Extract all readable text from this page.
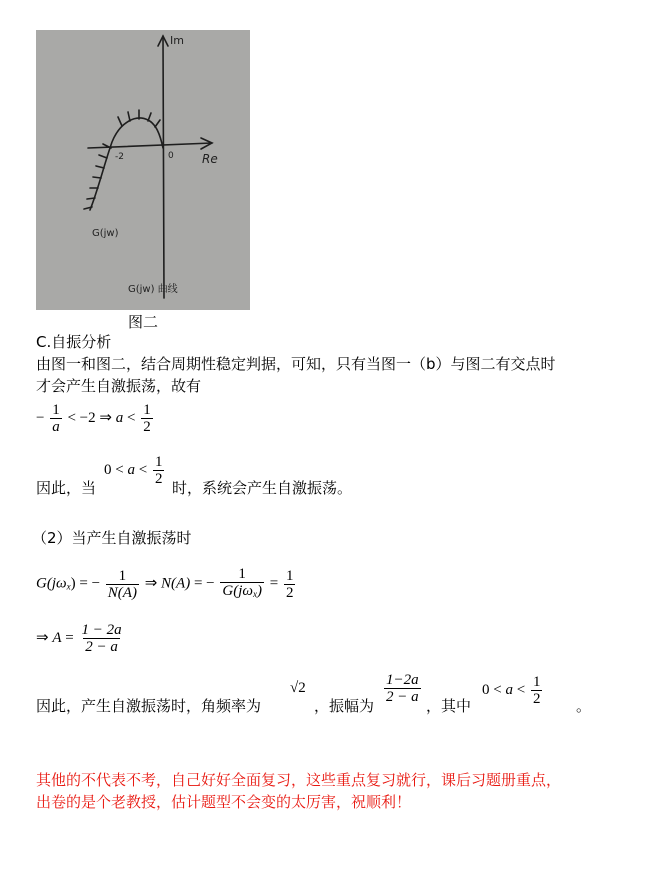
Im
Re
-2	0
G(jw)
G(jw) 曲线
图二
C.自振分析
由图一和图二，结合周期性稳定判据，可知，只有当图一（b）与图二有交点时
才会产生自激振荡，故有
− $\frac{1}{a} < -2$ ⇒ $a < \frac{1}{2}$
因此，当
$0 < a < \frac{1}{2}$
时，系统会产生自激振荡。
（2）当产生自激振荡时
$G(j\omega_x)$ = − $\frac{1}{N(A)}$ ⇒ N(A) = − $\frac{1}{G(j\omega_x)} = \frac{1}{2}$
⇒ $A = \frac{1 - 2a}{2 - a}$
因此，产生自激振荡时，角频率为
√2
，振幅为
$\frac{1-2a}{2 - a}$
，其中
$0 < a < \frac{1}{2}$ 。
其他的不代表不考，自己好好全面复习，这些重点复习就行，课后习题册重点，
出卷的是个老教授，估计题型不会变的太厉害，祝顺利！
